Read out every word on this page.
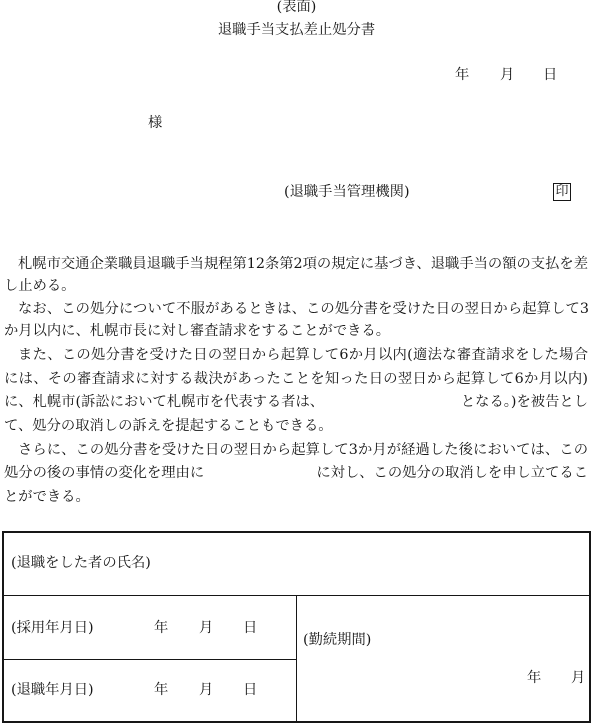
(表面)
退職手当支払差止処分書
年 月 日
様
(退職手当管理機関)	印
札幌市交通企業職員退職手当規程第12条第2項の規定に基づき、退職手当の額の支払を差
し止める。
なお、この処分について不服があるときは、この処分書を受けた日の翌日から起算して3
か月以内に、札幌市長に対し審査請求をすることができる。
また、この処分書を受けた日の翌日から起算して6か月以内(適法な審査請求をした場合
には、その審査請求に対する裁決があったことを知った日の翌日から起算して6か月以内)
に、札幌市(訴訟において札幌市を代表する者は、	となる。)を被告とし
て、処分の取消しの訴えを提起することもできる。
さらに、この処分書を受けた日の翌日から起算して3か月が経過した後においては、この
処分の後の事情の変化を理由に	に対し、この処分の取消しを申し立てるこ
とができる。
(退職をした者の氏名)
(採用年月日)	年 月 日
(退職年月日)	年 月 日
(勤続期間)
年 月
